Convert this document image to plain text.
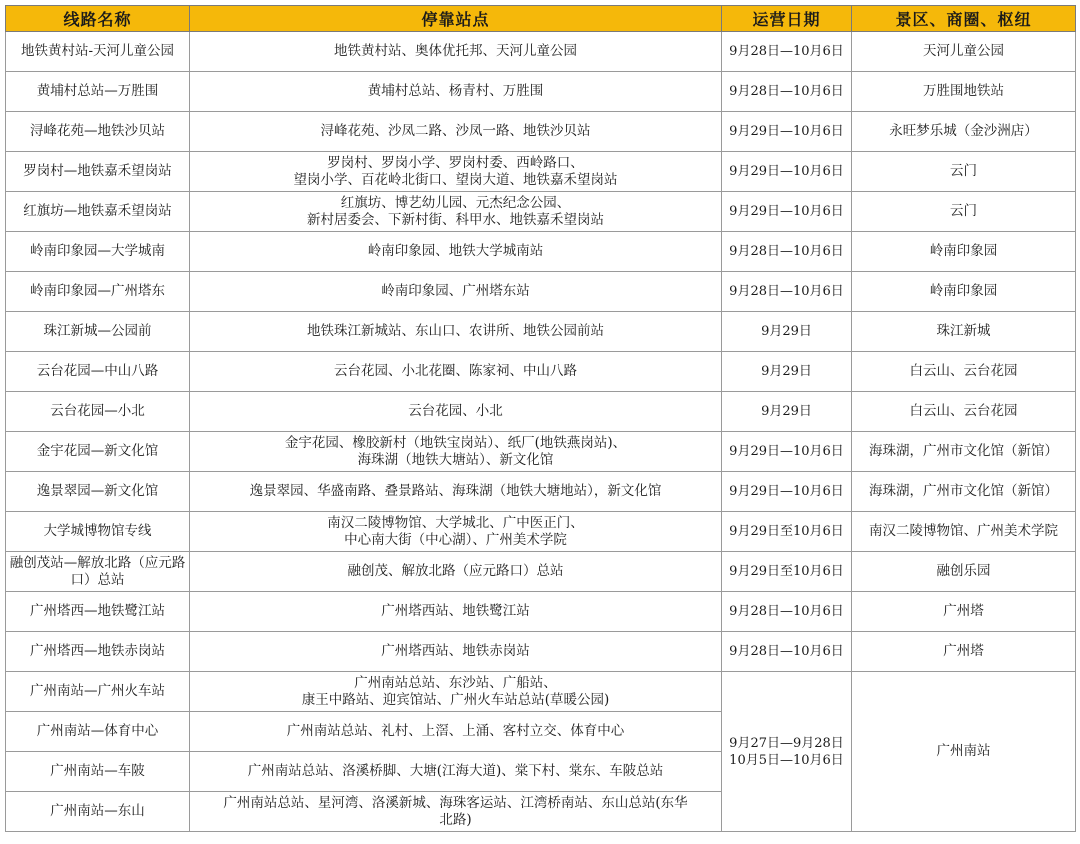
线路名称	停靠站点	运营日期	景区、商圈、枢纽
地铁黄村站-天河儿童公园	地铁黄村站、奥体优托邦、天河儿童公园	9月28日—10月6日	天河儿童公园
黄埔村总站—万胜围	黄埔村总站、杨青村、万胜围	9月28日—10月6日	万胜围地铁站
浔峰花苑—地铁沙贝站	浔峰花苑、沙凤二路、沙凤一路、地铁沙贝站	9月29日—10月6日	永旺梦乐城（金沙洲店）
罗岗村—地铁嘉禾望岗站	罗岗村、罗岗小学、罗岗村委、西岭路口、
望岗小学、百花岭北街口、望岗大道、地铁嘉禾望岗站	9月29日—10月6日	云门
红旗坊—地铁嘉禾望岗站	红旗坊、博艺幼儿园、元杰纪念公园、
新村居委会、下新村街、科甲水、地铁嘉禾望岗站	9月29日—10月6日	云门
岭南印象园—大学城南	岭南印象园、地铁大学城南站	9月28日—10月6日	岭南印象园
岭南印象园—广州塔东	岭南印象园、广州塔东站	9月28日—10月6日	岭南印象园
珠江新城—公园前	地铁珠江新城站、东山口、农讲所、地铁公园前站	9月29日	珠江新城
云台花园—中山八路	云台花园、小北花圈、陈家祠、中山八路	9月29日	白云山、云台花园
云台花园—小北	云台花园、小北	9月29日	白云山、云台花园
金宇花园—新文化馆	金宇花园、橡胶新村（地铁宝岗站）、纸厂(地铁燕岗站)、
海珠湖（地铁大塘站）、新文化馆	9月29日—10月6日	海珠湖，广州市文化馆（新馆）
逸景翠园—新文化馆	逸景翠园、华盛南路、叠景路站、海珠湖（地铁大塘地站），新文化馆	9月29日—10月6日	海珠湖，广州市文化馆（新馆）
大学城博物馆专线	南汉二陵博物馆、大学城北、广中医正门、
中心南大街（中心湖）、广州美术学院	9月29日至10月6日	南汉二陵博物馆、广州美术学院
融创茂站—解放北路（应元路口）总站	融创茂、解放北路（应元路口）总站	9月29日至10月6日	融创乐园
广州塔西—地铁鹭江站	广州塔西站、地铁鹭江站	9月28日—10月6日	广州塔
广州塔西—地铁赤岗站	广州塔西站、地铁赤岗站	9月28日—10月6日	广州塔
广州南站—广州火车站	广州南站总站、东沙站、广船站、
康王中路站、迎宾馆站、广州火车站总站(草暖公园)	9月27日—9月28日
10月5日—10月6日	广州南站
广州南站—体育中心	广州南站总站、礼村、上滘、上涌、客村立交、体育中心		
广州南站—车陂	广州南站总站、洛溪桥脚、大塘(江海大道)、棠下村、棠东、车陂总站		
广州南站—东山	广州南站总站、星河湾、洛溪新城、海珠客运站、江湾桥南站、东山总站(东华
北路)		
